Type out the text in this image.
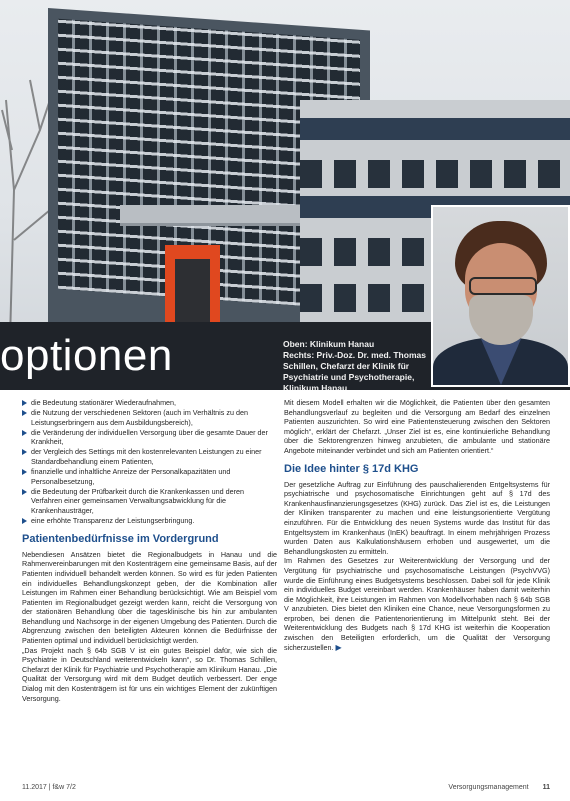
optionen	Oben: Klinikum Hanau
Rechts: Priv.-Doz. Dr. med. Thomas
Schillen, Chefarzt der Klinik für
Psychiatrie und Psychotherapie,
Klinikum Hanau
die Bedeutung stationärer Wiederaufnahmen,
die Nutzung der verschiedenen Sektoren (auch im Verhältnis zu den Leistungserbringern aus dem Ausbildungsbereich),
die Veränderung der individuellen Versorgung über die gesamte Dauer der Krankheit,
der Vergleich des Settings mit den kostenrelevanten Leistungen zu einer Standardbehandlung einem Patienten,
finanzielle und inhaltliche Anreize der Personalkapazitäten und Personalbesetzung,
die Bedeutung der Prüfbarkeit durch die Krankenkassen und deren Verfahren einer gemeinsamen Verwaltungsabwicklung für die Krankenhausträger,
eine erhöhte Transparenz der Leistungserbringung.
Patientenbedürfnisse im Vordergrund

Nebendiesen Ansätzen bietet die Regionalbudgets in Hanau und die Rahmenvereinbarungen mit den Kostenträgern eine gemeinsame Basis, auf der Patienten individuell behandelt werden können. So wird es für jeden Patienten ein individuelles Behandlungskonzept geben, der die Kombination aller Leistungen im Rahmen einer Behandlung berücksichtigt. Wie am Beispiel vom Patienten im Regionalbudget gezeigt werden kann, reicht die Versorgung von der stationären Behandlung über die tagesklinische bis hin zur ambulanten Behandlung und Nachsorge in der eigenen Umgebung des Patienten. Durch die Abgrenzung zwischen den beteiligten Akteuren können die Bedürfnisse der Patienten optimal und individuell berücksichtigt werden.

„Das Projekt nach § 64b SGB V ist ein gutes Beispiel dafür, wie sich die Psychiatrie in Deutschland weiterentwickeln kann“, so Dr. Thomas Schillen, Chefarzt der Klinik für Psychiatrie und Psychotherapie am Klinikum Hanau. „Die Qualität der Versorgung wird mit dem Budget deutlich verbessert. Der enge Dialog mit den Kostenträgern ist für uns ein wichtiges Element der zukünftigen Versorgung.

Mit diesem Modell erhalten wir die Möglichkeit, die Patienten über den gesamten Behandlungsverlauf zu begleiten und die Versorgung am Bedarf des einzelnen Patienten auszurichten. So wird eine Patientensteuerung zwischen den Sektoren möglich“, erklärt der Chefarzt. „Unser Ziel ist es, eine kontinuierliche Behandlung über die Sektorengrenzen hinweg anzubieten, die ambulante und stationäre Angebote miteinander verbindet und sich am Patienten orientiert.“

Die Idee hinter § 17d KHG

Der gesetzliche Auftrag zur Einführung des pauschalierenden Entgeltsystems für psychiatrische und psychosomatische Einrichtungen geht auf § 17d des Krankenhausfinanzierungsgesetzes (KHG) zurück. Das Ziel ist es, die Leistungen der Kliniken transparenter zu machen und eine leistungsorientierte Vergütung einzuführen. Für die Entwicklung des neuen Systems wurde das Institut für das Entgeltsystem im Krankenhaus (InEK) beauftragt. In einem mehrjährigen Prozess wurden Daten aus Kalkulationshäusern erhoben und ausgewertet, um die Behandlungskosten zu ermitteln.

Im Rahmen des Gesetzes zur Weiterentwicklung der Versorgung und der Vergütung für psychiatrische und psychosomatische Leistungen (PsychVVG) wurde die Einführung eines Budgetsystems beschlossen. Dabei soll für jede Klinik ein individuelles Budget vereinbart werden. Krankenhäuser haben damit weiterhin die Möglichkeit, ihre Leistungen im Rahmen von Modellvorhaben nach § 64b SGB V anzubieten. Dies bietet den Kliniken eine Chance, neue Versorgungsformen zu erproben, bei denen die Patientenorientierung im Mittelpunkt steht. Bei der Weiterentwicklung des Budgets nach § 17d KHG ist weiterhin die Kooperation zwischen den Beteiligten erforderlich, um die Qualität der Versorgung sicherzustellen. ▶

11.2017 | f&w 7/2	Versorgungsmanagement 11
